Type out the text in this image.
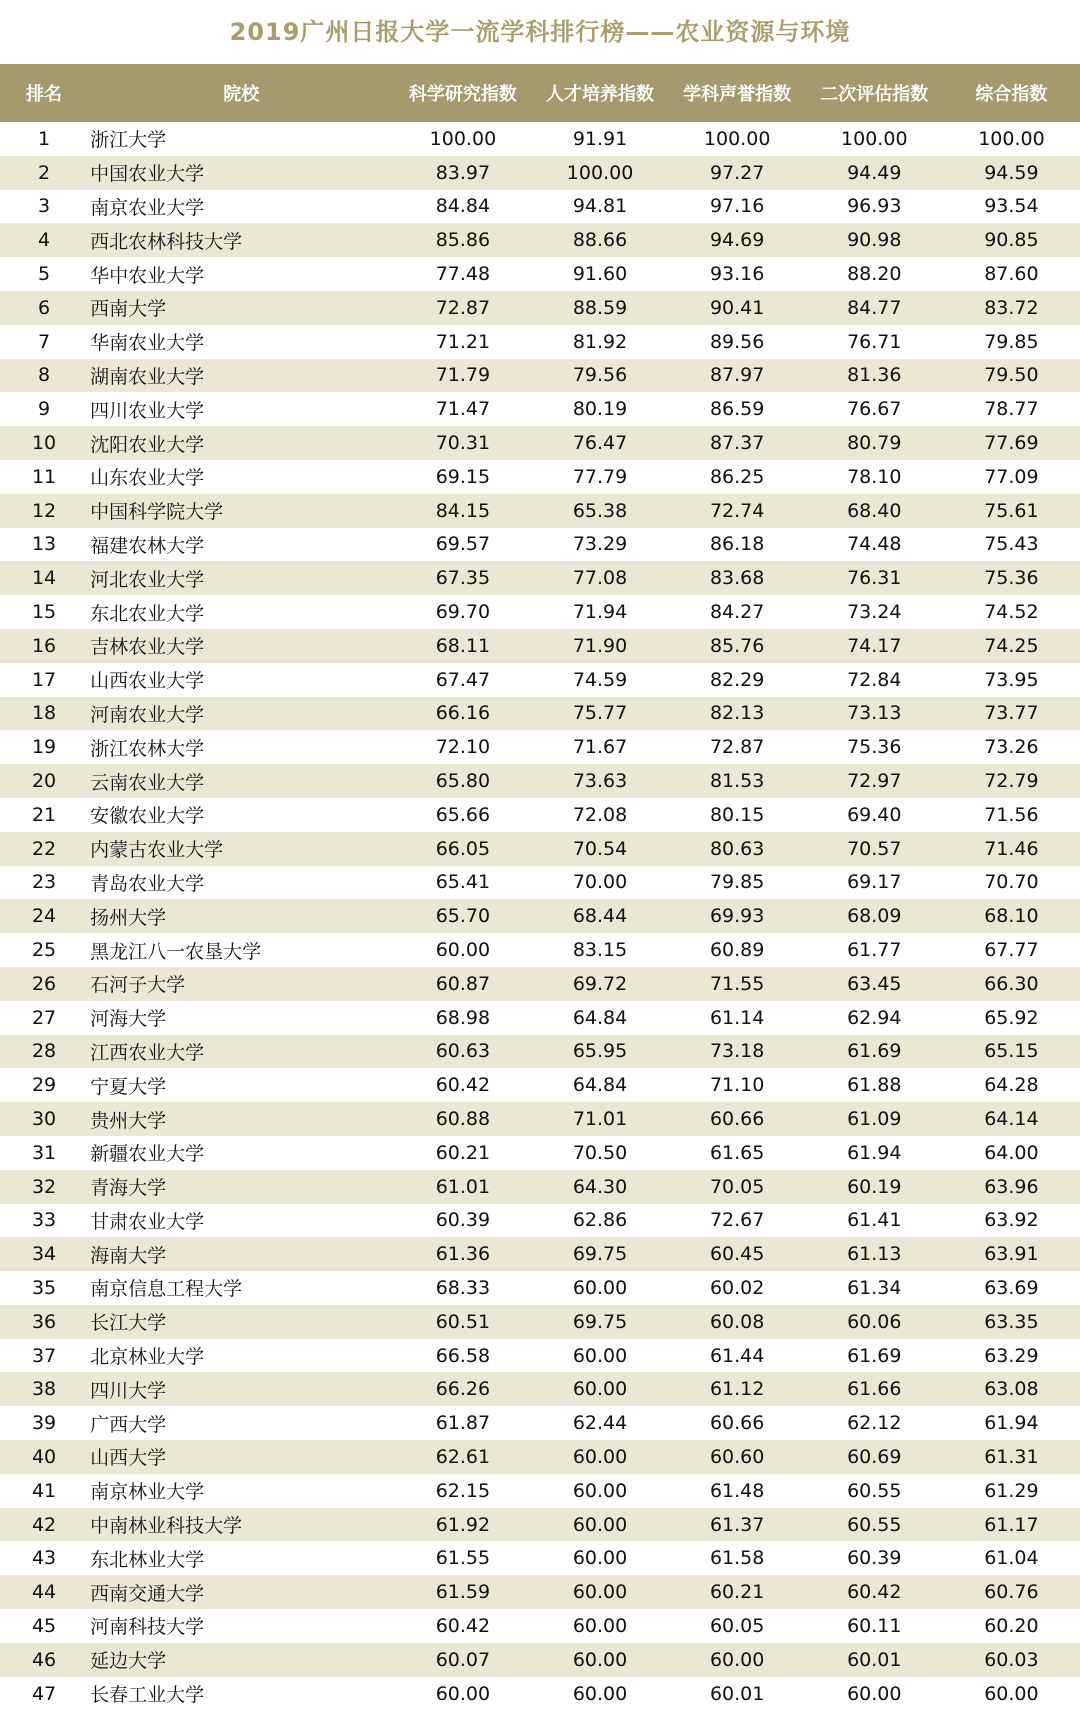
2019广州日报大学一流学科排行榜——农业资源与环境
排名	院校	科学研究指数	人才培养指数	学科声誉指数	二次评估指数	综合指数
1	浙江大学	100.00	91.91	100.00	100.00	100.00
2	中国农业大学	83.97	100.00	97.27	94.49	94.59
3	南京农业大学	84.84	94.81	97.16	96.93	93.54
4	西北农林科技大学	85.86	88.66	94.69	90.98	90.85
5	华中农业大学	77.48	91.60	93.16	88.20	87.60
6	西南大学	72.87	88.59	90.41	84.77	83.72
7	华南农业大学	71.21	81.92	89.56	76.71	79.85
8	湖南农业大学	71.79	79.56	87.97	81.36	79.50
9	四川农业大学	71.47	80.19	86.59	76.67	78.77
10	沈阳农业大学	70.31	76.47	87.37	80.79	77.69
11	山东农业大学	69.15	77.79	86.25	78.10	77.09
12	中国科学院大学	84.15	65.38	72.74	68.40	75.61
13	福建农林大学	69.57	73.29	86.18	74.48	75.43
14	河北农业大学	67.35	77.08	83.68	76.31	75.36
15	东北农业大学	69.70	71.94	84.27	73.24	74.52
16	吉林农业大学	68.11	71.90	85.76	74.17	74.25
17	山西农业大学	67.47	74.59	82.29	72.84	73.95
18	河南农业大学	66.16	75.77	82.13	73.13	73.77
19	浙江农林大学	72.10	71.67	72.87	75.36	73.26
20	云南农业大学	65.80	73.63	81.53	72.97	72.79
21	安徽农业大学	65.66	72.08	80.15	69.40	71.56
22	内蒙古农业大学	66.05	70.54	80.63	70.57	71.46
23	青岛农业大学	65.41	70.00	79.85	69.17	70.70
24	扬州大学	65.70	68.44	69.93	68.09	68.10
25	黑龙江八一农垦大学	60.00	83.15	60.89	61.77	67.77
26	石河子大学	60.87	69.72	71.55	63.45	66.30
27	河海大学	68.98	64.84	61.14	62.94	65.92
28	江西农业大学	60.63	65.95	73.18	61.69	65.15
29	宁夏大学	60.42	64.84	71.10	61.88	64.28
30	贵州大学	60.88	71.01	60.66	61.09	64.14
31	新疆农业大学	60.21	70.50	61.65	61.94	64.00
32	青海大学	61.01	64.30	70.05	60.19	63.96
33	甘肃农业大学	60.39	62.86	72.67	61.41	63.92
34	海南大学	61.36	69.75	60.45	61.13	63.91
35	南京信息工程大学	68.33	60.00	60.02	61.34	63.69
36	长江大学	60.51	69.75	60.08	60.06	63.35
37	北京林业大学	66.58	60.00	61.44	61.69	63.29
38	四川大学	66.26	60.00	61.12	61.66	63.08
39	广西大学	61.87	62.44	60.66	62.12	61.94
40	山西大学	62.61	60.00	60.60	60.69	61.31
41	南京林业大学	62.15	60.00	61.48	60.55	61.29
42	中南林业科技大学	61.92	60.00	61.37	60.55	61.17
43	东北林业大学	61.55	60.00	61.58	60.39	61.04
44	西南交通大学	61.59	60.00	60.21	60.42	60.76
45	河南科技大学	60.42	60.00	60.05	60.11	60.20
46	延边大学	60.07	60.00	60.00	60.01	60.03
47	长春工业大学	60.00	60.00	60.01	60.00	60.00
